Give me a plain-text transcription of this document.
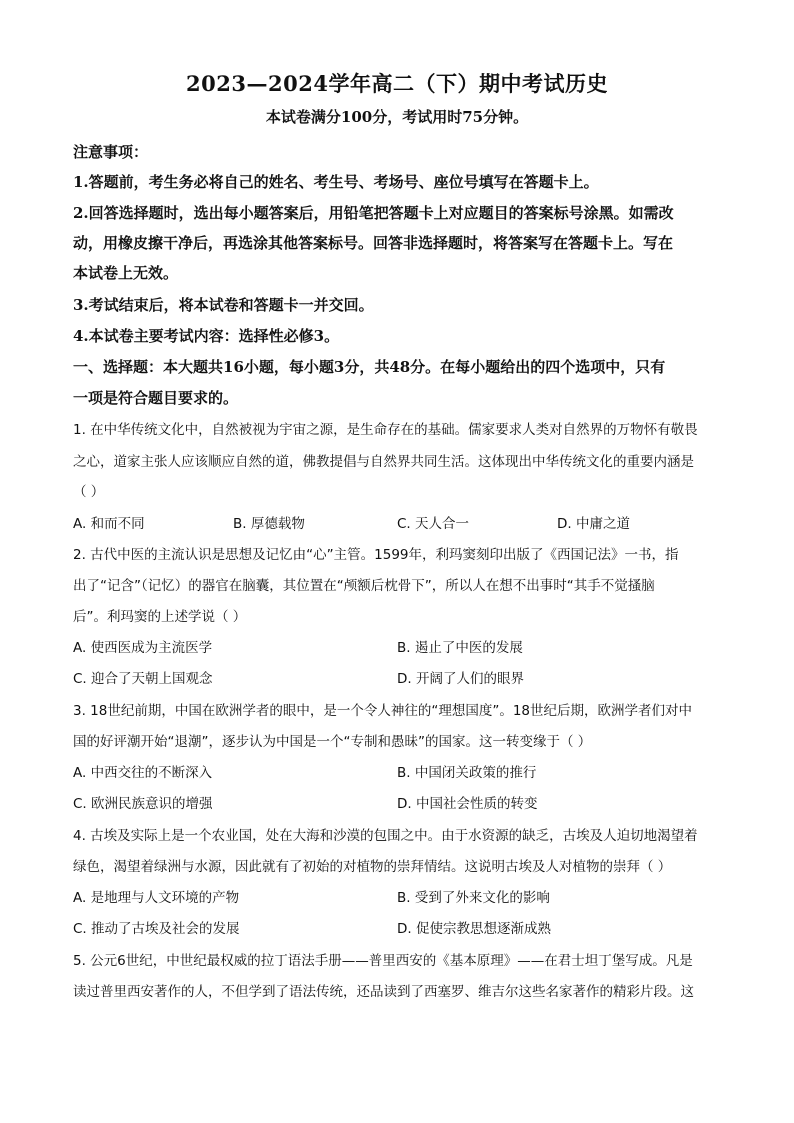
2023—2024学年高二（下）期中考试历史
本试卷满分100分，考试用时75分钟。
注意事项：
1.答题前，考生务必将自己的姓名、考生号、考场号、座位号填写在答题卡上。
2.回答选择题时，选出每小题答案后，用铅笔把答题卡上对应题目的答案标号涂黑。如需改
动，用橡皮擦干净后，再选涂其他答案标号。回答非选择题时，将答案写在答题卡上。写在
本试卷上无效。
3.考试结束后，将本试卷和答题卡一并交回。
4.本试卷主要考试内容：选择性必修3。
一、选择题：本大题共16小题，每小题3分，共48分。在每小题给出的四个选项中，只有
一项是符合题目要求的。
1. 在中华传统文化中，自然被视为宇宙之源，是生命存在的基础。儒家要求人类对自然界的万物怀有敬畏
之心，道家主张人应该顺应自然的道，佛教提倡与自然界共同生活。这体现出中华传统文化的重要内涵是
（ ）
A. 和而不同	B. 厚德载物	C. 天人合一	D. 中庸之道
2. 古代中医的主流认识是思想及记忆由“心”主管。1599年，利玛窦刻印出版了《西国记法》一书，指
出了“记含”（记忆）的器官在脑囊，其位置在“颅额后枕骨下”，所以人在想不出事时“其手不觉搔脑
后”。利玛窦的上述学说（ ）
A. 使西医成为主流医学	B. 遏止了中医的发展
C. 迎合了天朝上国观念	D. 开阔了人们的眼界
3. 18世纪前期，中国在欧洲学者的眼中，是一个令人神往的“理想国度”。18世纪后期，欧洲学者们对中
国的好评潮开始“退潮”，逐步认为中国是一个“专制和愚昧”的国家。这一转变缘于（ ）
A. 中西交往的不断深入	B. 中国闭关政策的推行
C. 欧洲民族意识的增强	D. 中国社会性质的转变
4. 古埃及实际上是一个农业国，处在大海和沙漠的包围之中。由于水资源的缺乏，古埃及人迫切地渴望着
绿色，渴望着绿洲与水源，因此就有了初始的对植物的崇拜情结。这说明古埃及人对植物的崇拜（ ）
A. 是地理与人文环境的产物	B. 受到了外来文化的影响
C. 推动了古埃及社会的发展	D. 促使宗教思想逐渐成熟
5. 公元6世纪，中世纪最权威的拉丁语法手册——普里西安的《基本原理》——在君士坦丁堡写成。凡是
读过普里西安著作的人，不但学到了语法传统，还品读到了西塞罗、维吉尔这些名家著作的精彩片段。这
